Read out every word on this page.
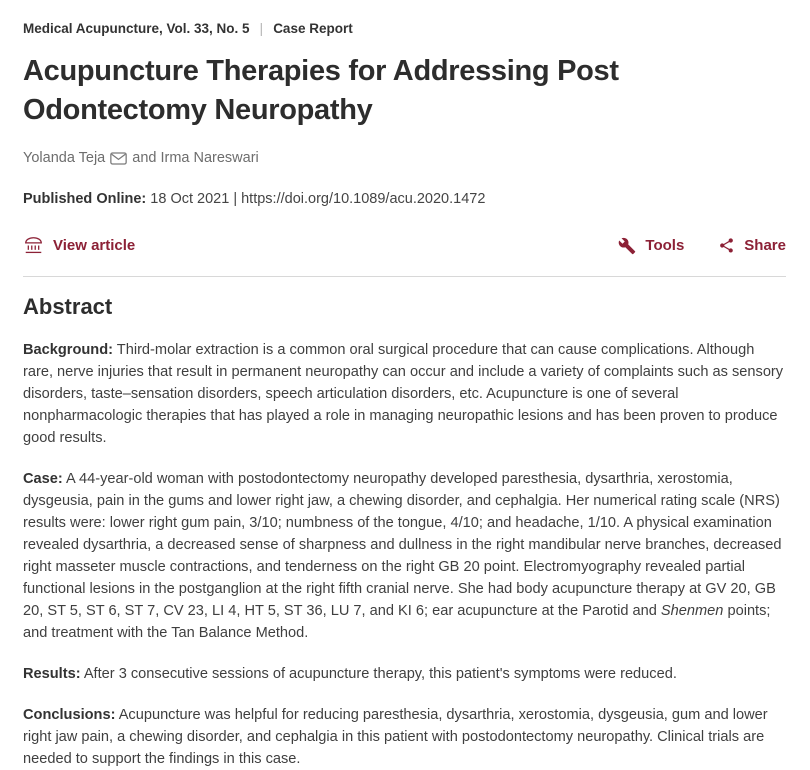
Medical Acupuncture, Vol. 33, No. 5 | Case Report
Acupuncture Therapies for Addressing Post Odontectomy Neuropathy
Yolanda Teja and Irma Nareswari
Published Online: 18 Oct 2021 | https://doi.org/10.1089/acu.2020.1472
View article	Tools	Share
Abstract

Background: Third-molar extraction is a common oral surgical procedure that can cause complications. Although rare, nerve injuries that result in permanent neuropathy can occur and include a variety of complaints such as sensory disorders, taste–sensation disorders, speech articulation disorders, etc. Acupuncture is one of several nonpharmacologic therapies that has played a role in managing neuropathic lesions and has been proven to produce good results.

Case: A 44-year-old woman with postodontectomy neuropathy developed paresthesia, dysarthria, xerostomia, dysgeusia, pain in the gums and lower right jaw, a chewing disorder, and cephalgia. Her numerical rating scale (NRS) results were: lower right gum pain, 3/10; numbness of the tongue, 4/10; and headache, 1/10. A physical examination revealed dysarthria, a decreased sense of sharpness and dullness in the right mandibular nerve branches, decreased right masseter muscle contractions, and tenderness on the right GB 20 point. Electromyography revealed partial functional lesions in the postganglion at the right fifth cranial nerve. She had body acupuncture therapy at GV 20, GB 20, ST 5, ST 6, ST 7, CV 23, LI 4, HT 5, ST 36, LU 7, and KI 6; ear acupuncture at the Parotid and Shenmen points; and treatment with the Tan Balance Method.

Results: After 3 consecutive sessions of acupuncture therapy, this patient's symptoms were reduced.

Conclusions: Acupuncture was helpful for reducing paresthesia, dysarthria, xerostomia, dysgeusia, gum and lower right jaw pain, a chewing disorder, and cephalgia in this patient with postodontectomy neuropathy. Clinical trials are needed to support the findings in this case.
